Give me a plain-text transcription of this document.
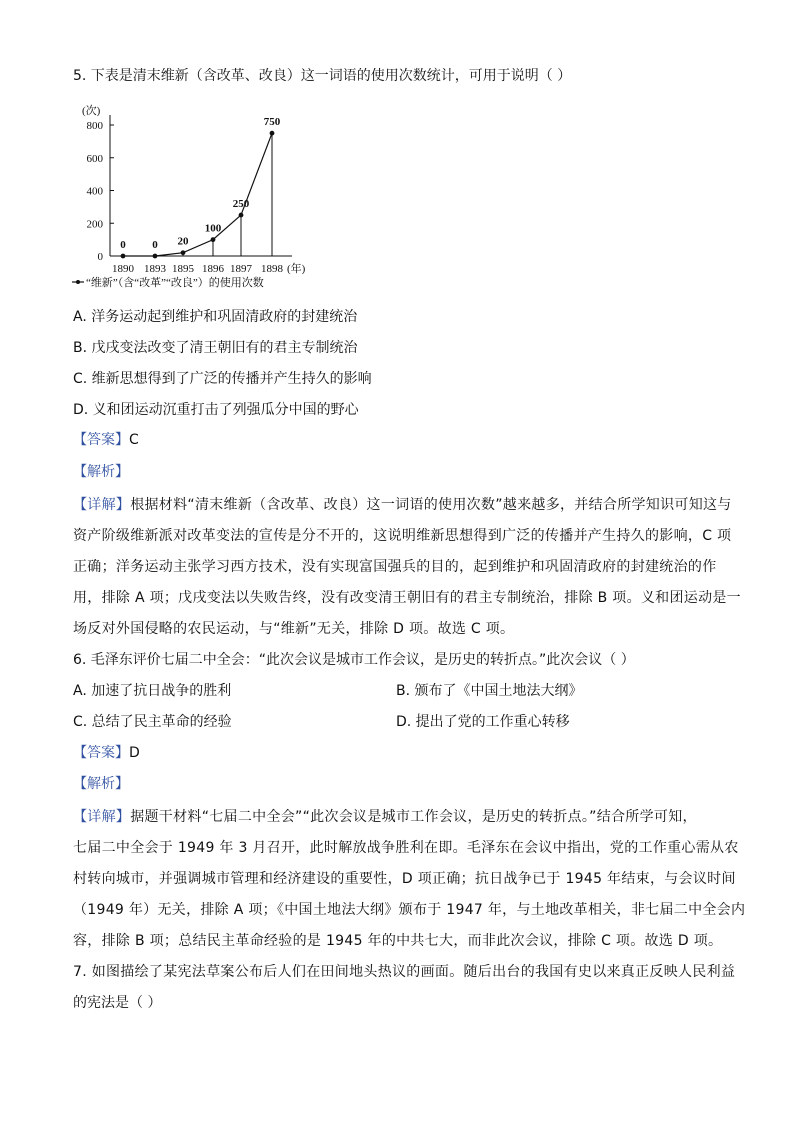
5. 下表是清末维新（含改革、改良）这一词语的使用次数统计，可用于说明（ ）
0
200
400
600
800
1890 1893 1895 1896 1897 1898
(次)
(年)
“维新”（含“改革”“改良”）的使用次数
0 0 20
100
250
750
A. 洋务运动起到维护和巩固清政府的封建统治
B. 戊戌变法改变了清王朝旧有的君主专制统治
C. 维新思想得到了广泛的传播并产生持久的影响
D. 义和团运动沉重打击了列强瓜分中国的野心
【答案】C
【解析】
【详解】根据材料“清末维新（含改革、改良）这一词语的使用次数”越来越多，并结合所学知识可知这与
资产阶级维新派对改革变法的宣传是分不开的，这说明维新思想得到广泛的传播并产生持久的影响，C 项
正确；洋务运动主张学习西方技术，没有实现富国强兵的目的，起到维护和巩固清政府的封建统治的作
用，排除 A 项；戊戌变法以失败告终，没有改变清王朝旧有的君主专制统治，排除 B 项。义和团运动是一
场反对外国侵略的农民运动，与“维新”无关，排除 D 项。故选 C 项。
6. 毛泽东评价七届二中全会：“此次会议是城市工作会议，是历史的转折点。”此次会议（ ）
A. 加速了抗日战争的胜利	B. 颁布了《中国土地法大纲》
C. 总结了民主革命的经验	D. 提出了党的工作重心转移
【答案】D
【解析】
【详解】据题干材料“七届二中全会”“此次会议是城市工作会议，是历史的转折点。”结合所学可知，
七届二中全会于 1949 年 3 月召开，此时解放战争胜利在即。毛泽东在会议中指出，党的工作重心需从农
村转向城市，并强调城市管理和经济建设的重要性，D 项正确；抗日战争已于 1945 年结束，与会议时间
（1949 年）无关，排除 A 项；《中国土地法大纲》颁布于 1947 年，与土地改革相关，非七届二中全会内
容，排除 B 项；总结民主革命经验的是 1945 年的中共七大，而非此次会议，排除 C 项。故选 D 项。
7. 如图描绘了某宪法草案公布后人们在田间地头热议的画面。随后出台的我国有史以来真正反映人民利益
的宪法是（ ）
